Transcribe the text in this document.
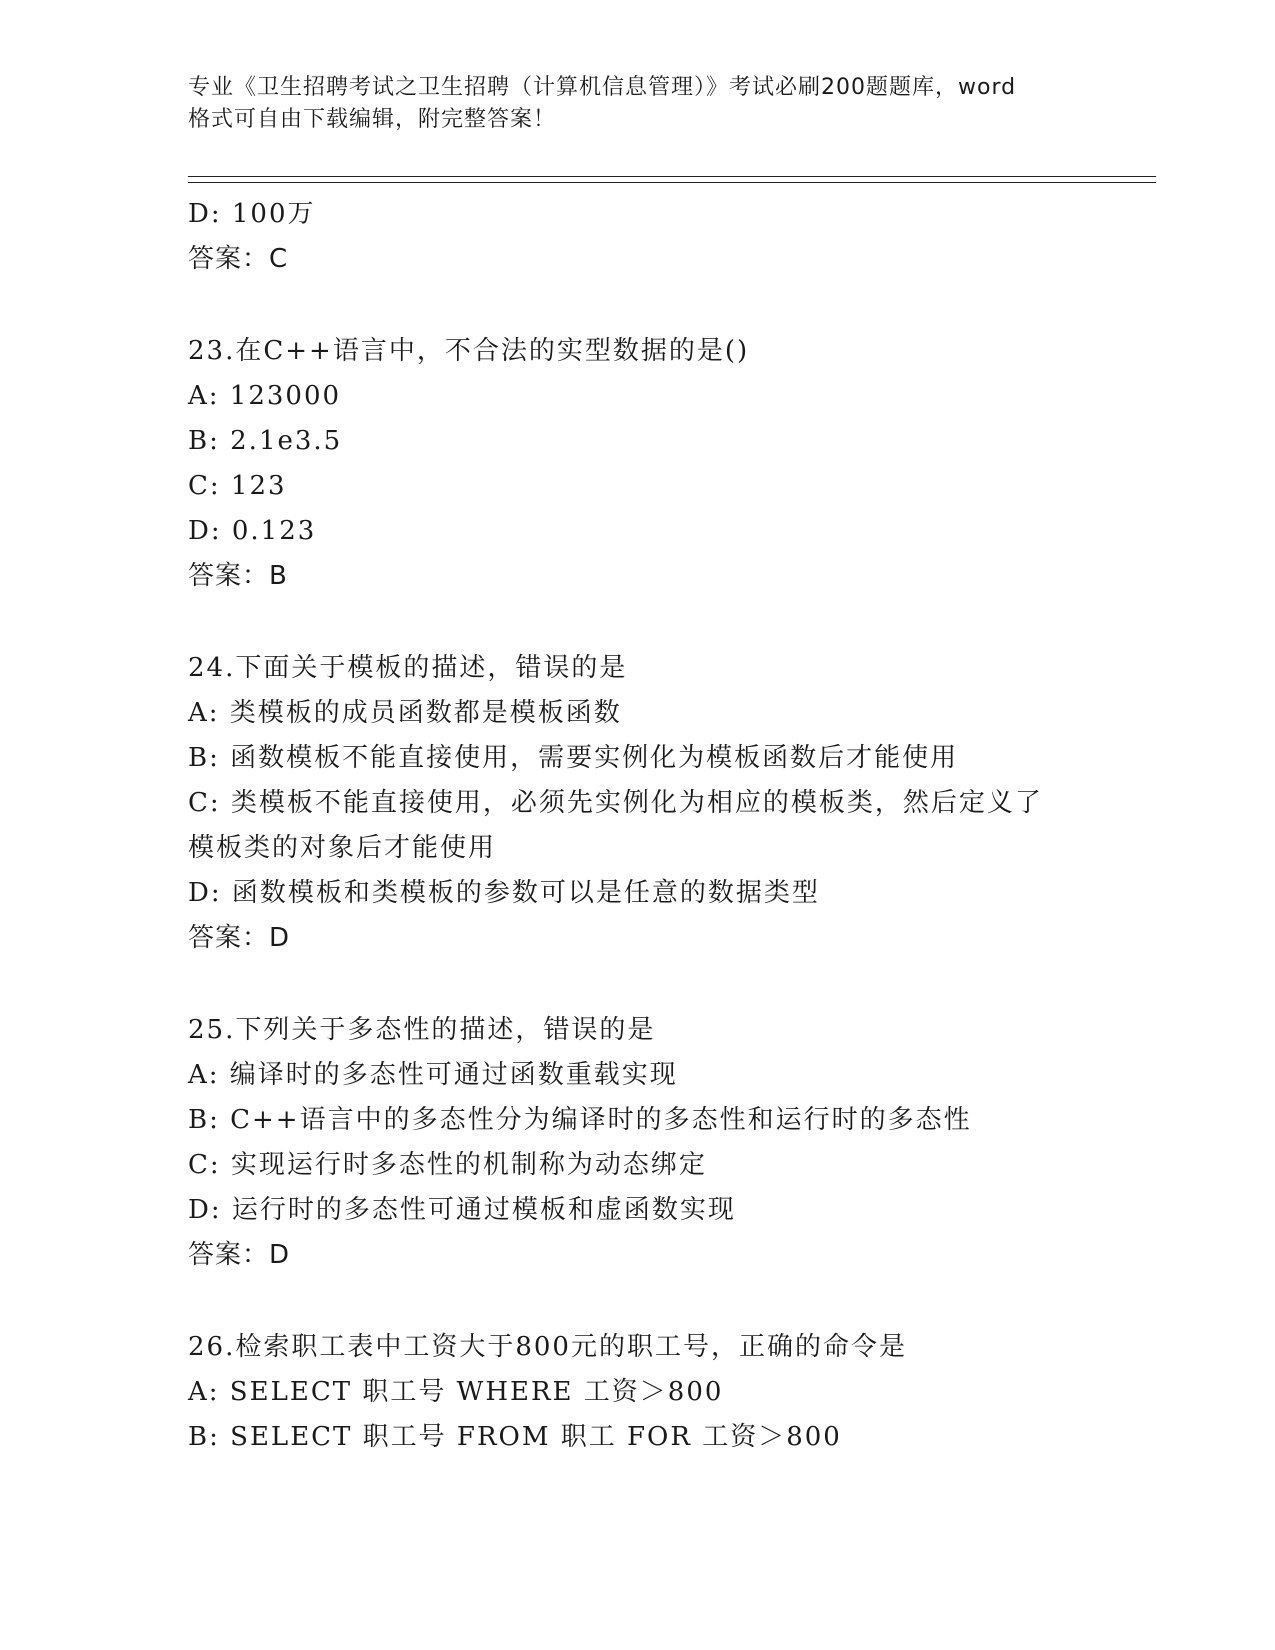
专业《卫生招聘考试之卫生招聘（计算机信息管理）》考试必刷200题题库，word
格式可自由下载编辑，附完整答案！
D: 100万
答案：C
23.在C++语言中，不合法的实型数据的是()
A: 123000
B: 2.1e3.5
C: 123
D: 0.123
答案：B
24.下面关于模板的描述，错误的是
A: 类模板的成员函数都是模板函数
B: 函数模板不能直接使用，需要实例化为模板函数后才能使用
C: 类模板不能直接使用，必须先实例化为相应的模板类，然后定义了
模板类的对象后才能使用
D: 函数模板和类模板的参数可以是任意的数据类型
答案：D
25.下列关于多态性的描述，错误的是
A: 编译时的多态性可通过函数重载实现
B: C++语言中的多态性分为编译时的多态性和运行时的多态性
C: 实现运行时多态性的机制称为动态绑定
D: 运行时的多态性可通过模板和虚函数实现
答案：D
26.检索职工表中工资大于800元的职工号，正确的命令是
A: SELECT 职工号 WHERE 工资＞800
B: SELECT 职工号 FROM 职工 FOR 工资＞800
